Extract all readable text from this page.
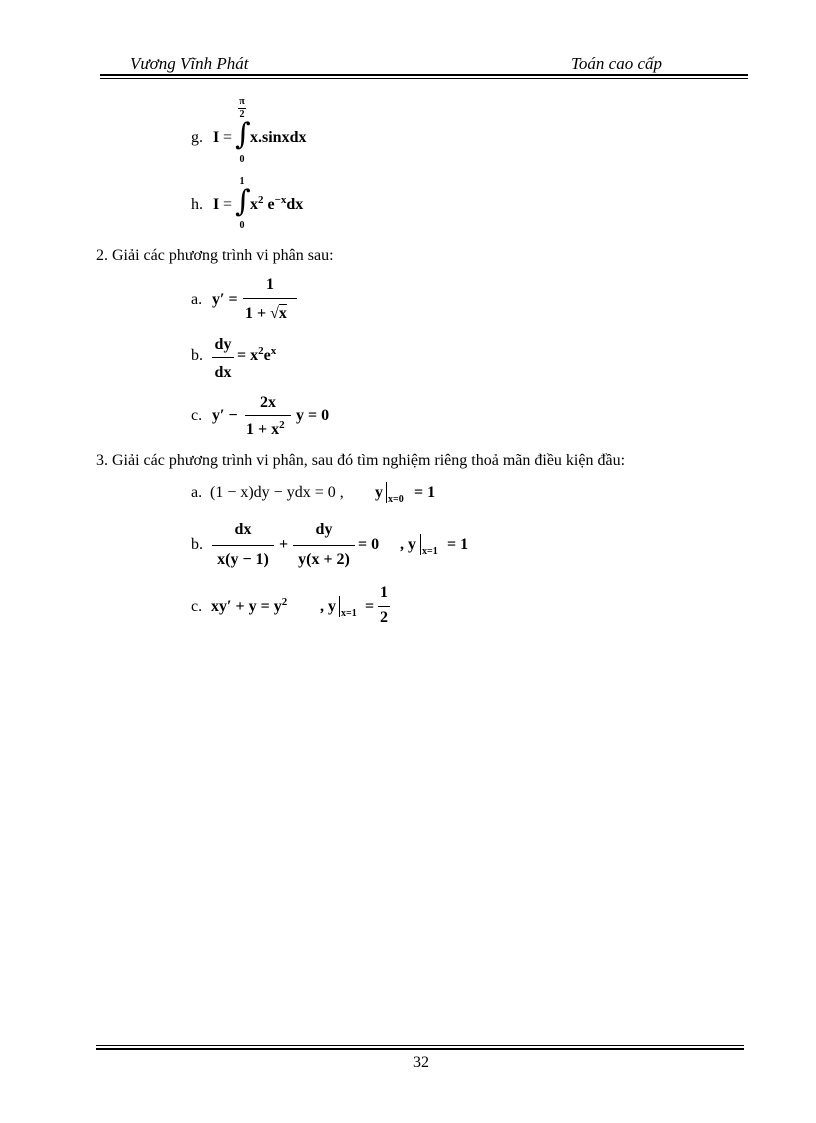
Vương Vĩnh Phát	Toán cao cấp
g. I =
π
2
∫
0
x.sinxdx
h. I =
1
∫
0
$x^2$ $e^{-x}dx$
2. Giải các phương trình vi phân sau:
a. y′ =
1
1 + √x
b.
dy
dx
= $x^2e^x$
c. y′ −
2x
$1 + x^2$
y = 0
3. Giải các phương trình vi phân, sau đó tìm nghiệm riêng thoả mãn điều kiện đầu:
a. (1 − x)dy − ydx = 0 , y x=0 = 1
b.
dx
x(y − 1)
+
dy
y(x + 2)
= 0 , y x=1 = 1
c. $xy' + y = y^2$ , y x=1 =
1
2
32
